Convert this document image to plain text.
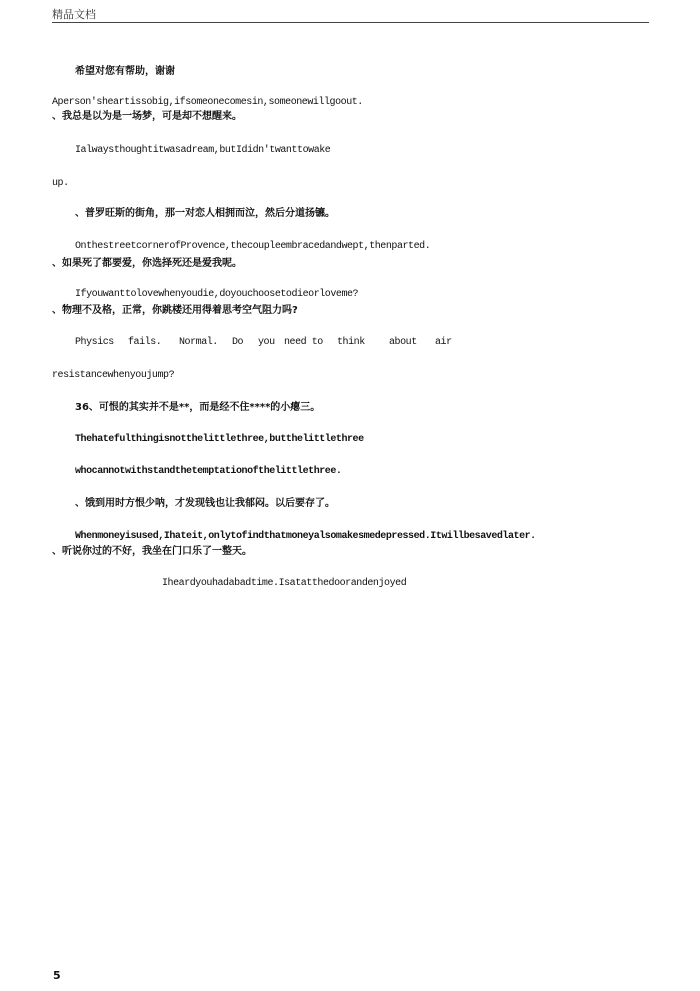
精品文档
希望对您有帮助，谢谢
Aperson'sheartissobig,ifsomeonecomesin,someonewillgoout.
、我总是以为是一场梦，可是却不想醒来。
Ialwaysthoughtitwasadream,butIdidn'twanttowake
up.
、普罗旺斯的街角，那一对恋人相拥而泣，然后分道扬镳。
OnthestreetcornerofProvence,thecoupleembracedandwept,thenparted.
、如果死了都要爱，你选择死还是爱我呢。
Ifyouwanttolovewhenyoudie,doyouchoosetodieorloveme?
、物理不及格，正常，你跳楼还用得着思考空气阻力吗?
Physics fails. Normal. Do you need to think about air
resistancewhenyoujump?
36、可恨的其实并不是**，而是经不住****的小瘪三。
Thehatefulthingisnotthelittlethree,butthelittlethree
whocannotwithstandthetemptationofthelittlethree.
、饿到用时方恨少呐，才发现钱也让我郁闷。以后要存了。
Whenmoneyisused,Ihateit,onlytofindthatmoneyalsomakesmedepressed.Itwillbesavedlater.
、听说你过的不好，我坐在门口乐了一整天。
Iheardyouhadabadtime.Isatatthedoorandenjoyed
5
